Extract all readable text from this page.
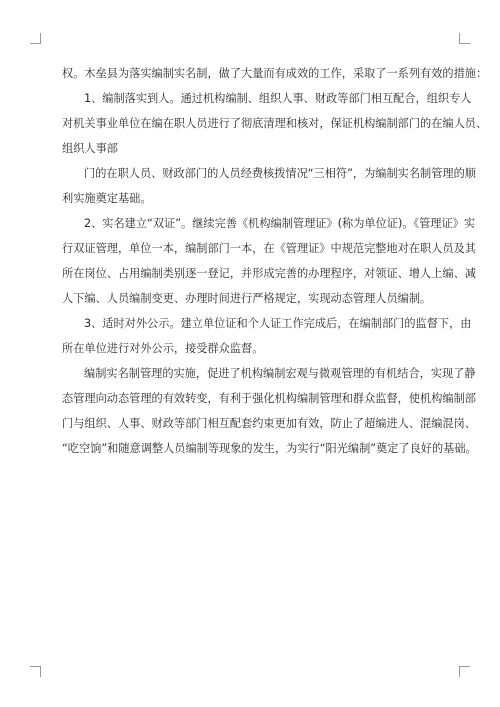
权。木垒县为落实编制实名制，做了大量而有成效的工作，采取了一系列有效的措施：

1、编制落实到人。通过机构编制、组织人事、财政等部门相互配合，组织专人

对机关事业单位在编在职人员进行了彻底清理和核对，保证机构编制部门的在编人员、

组织人事部

门的在职人员、财政部门的人员经费核拨情况“三相符”，为编制实名制管理的顺

利实施奠定基础。

2、实名建立“双证”。继续完善《机构编制管理证》(称为单位证)。《管理证》实

行双证管理，单位一本，编制部门一本，在《管理证》中规范完整地对在职人员及其

所在岗位、占用编制类别逐一登记，并形成完善的办理程序，对领证、增人上编、减

人下编、人员编制变更、办理时间进行严格规定，实现动态管理人员编制。

3、适时对外公示。建立单位证和个人证工作完成后，在编制部门的监督下，由

所在单位进行对外公示，接受群众监督。

编制实名制管理的实施，促进了机构编制宏观与微观管理的有机结合，实现了静

态管理向动态管理的有效转变，有利于强化机构编制管理和群众监督，使机构编制部

门与组织、人事、财政等部门相互配套约束更加有效，防止了超编进人、混编混岗、

“吃空饷”和随意调整人员编制等现象的发生，为实行“阳光编制”奠定了良好的基础。
